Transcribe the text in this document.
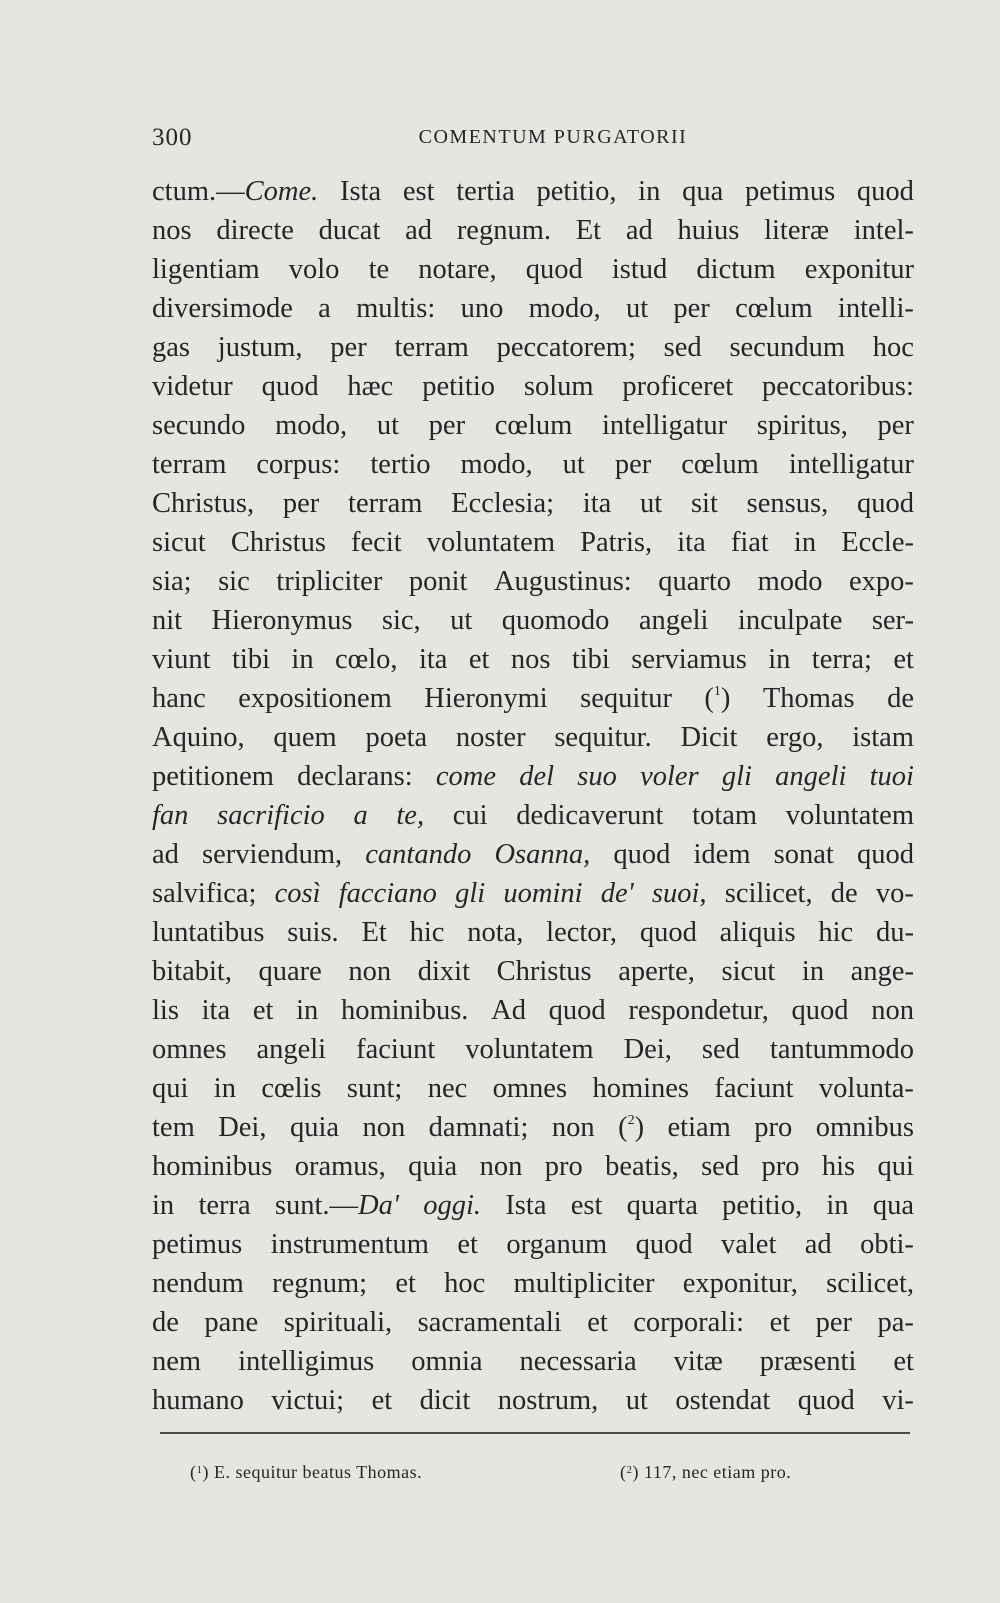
300	COMENTUM PURGATORII
ctum.—Come. Ista est tertia petitio, in qua petimus quod
nos directe ducat ad regnum. Et ad huius literæ intel-
ligentiam volo te notare, quod istud dictum exponitur
diversimode a multis: uno modo, ut per cœlum intelli-
gas justum, per terram peccatorem; sed secundum hoc
videtur quod hæc petitio solum proficeret peccatoribus:
secundo modo, ut per cœlum intelligatur spiritus, per
terram corpus: tertio modo, ut per cœlum intelligatur
Christus, per terram Ecclesia; ita ut sit sensus, quod
sicut Christus fecit voluntatem Patris, ita fiat in Eccle-
sia; sic tripliciter ponit Augustinus: quarto modo expo-
nit Hieronymus sic, ut quomodo angeli inculpate ser-
viunt tibi in cœlo, ita et nos tibi serviamus in terra; et
hanc expositionem Hieronymi sequitur ($^1$) Thomas de
Aquino, quem poeta noster sequitur. Dicit ergo, istam
petitionem declarans: come del suo voler gli angeli tuoi
fan sacrificio a te, cui dedicaverunt totam voluntatem
ad serviendum, cantando Osanna, quod idem sonat quod
salvifica; così facciano gli uomini de' suoi, scilicet, de vo-
luntatibus suis. Et hic nota, lector, quod aliquis hic du-
bitabit, quare non dixit Christus aperte, sicut in ange-
lis ita et in hominibus. Ad quod respondetur, quod non
omnes angeli faciunt voluntatem Dei, sed tantummodo
qui in cœlis sunt; nec omnes homines faciunt volunta-
tem Dei, quia non damnati; non ($^2$) etiam pro omnibus
hominibus oramus, quia non pro beatis, sed pro his qui
in terra sunt.—Da' oggi. Ista est quarta petitio, in qua
petimus instrumentum et organum quod valet ad obti-
nendum regnum; et hoc multipliciter exponitur, scilicet,
de pane spirituali, sacramentali et corporali: et per pa-
nem intelligimus omnia necessaria vitæ præsenti et
humano victui; et dicit nostrum, ut ostendat quod vi-
($^1$) E. sequitur beatus Thomas.	($^2$) 117, nec etiam pro.
